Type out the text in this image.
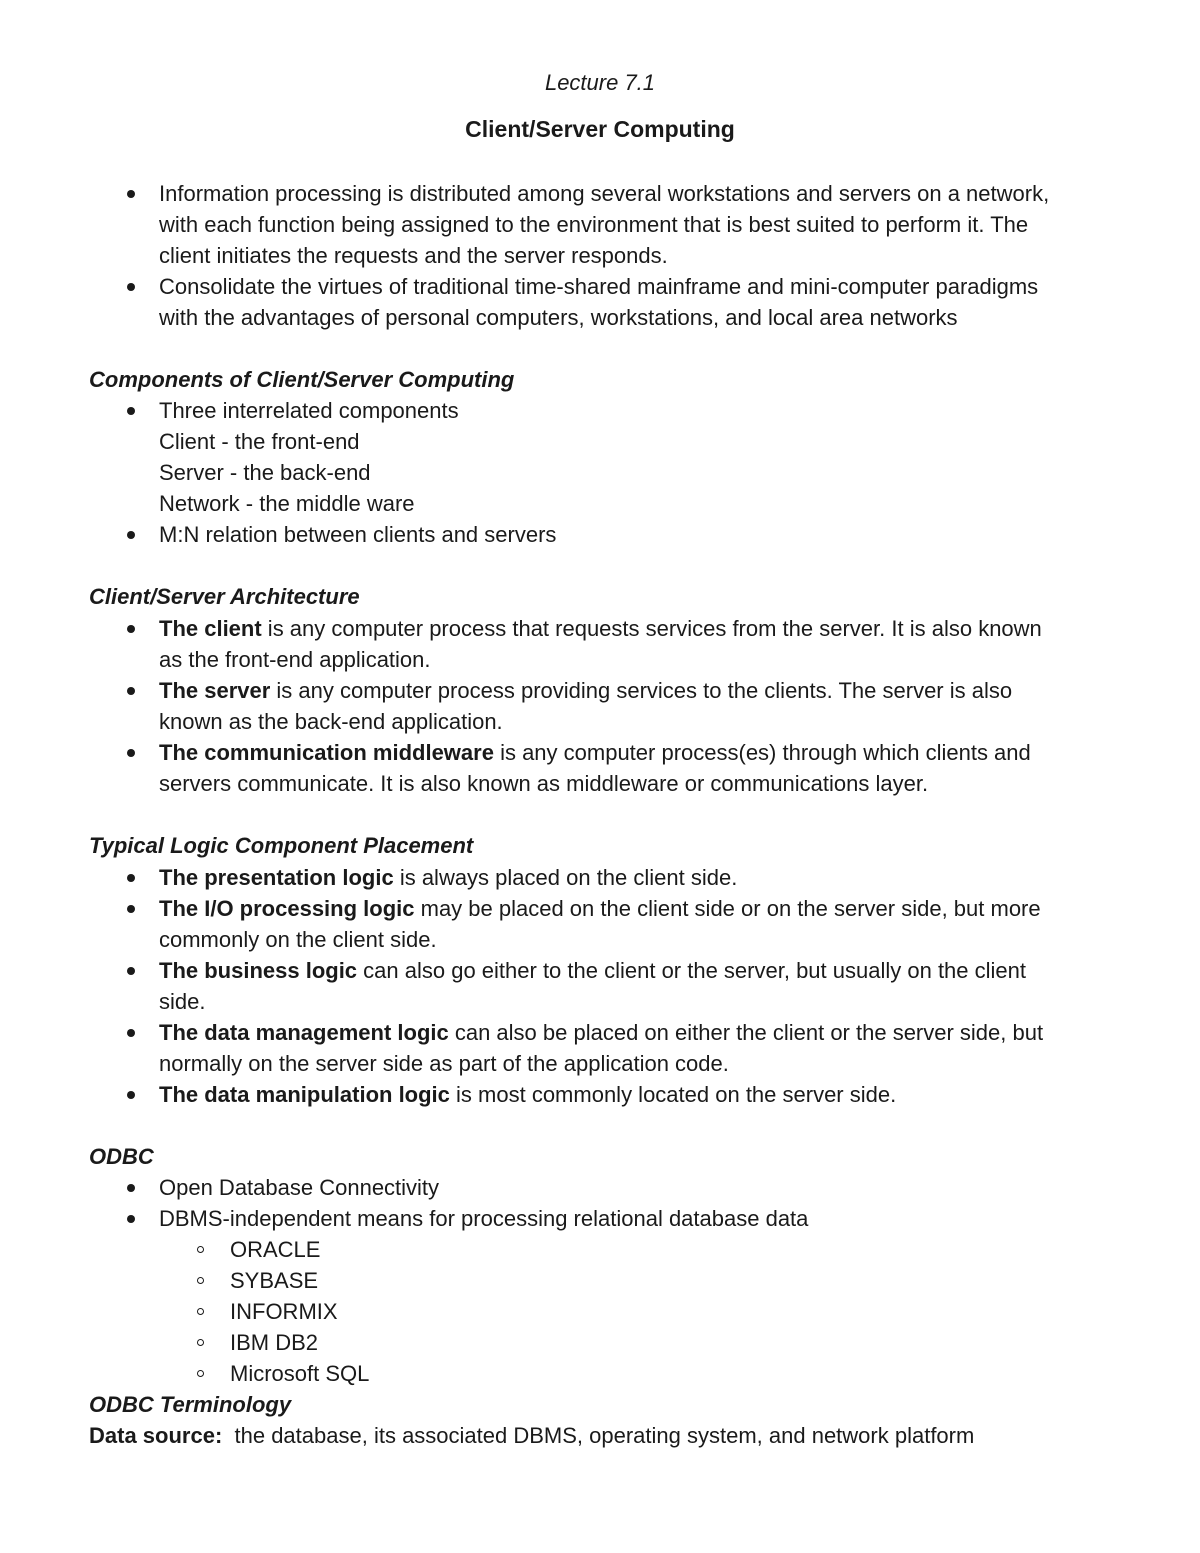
Lecture 7.1
Client/Server Computing
Information processing is distributed among several workstations and servers on a network,
with each function being assigned to the environment that is best suited to perform it. The
client initiates the requests and the server responds.
Consolidate the virtues of traditional time-shared mainframe and mini-computer paradigms
with the advantages of personal computers, workstations, and local area networks
Components of Client/Server Computing
Three interrelated components
Client - the front-end
Server - the back-end
Network - the middle ware
M:N relation between clients and servers
Client/Server Architecture
The client is any computer process that requests services from the server. It is also known
as the front-end application.
The server is any computer process providing services to the clients. The server is also
known as the back-end application.
The communication middleware is any computer process(es) through which clients and
servers communicate. It is also known as middleware or communications layer.
Typical Logic Component Placement
The presentation logic is always placed on the client side.
The I/O processing logic may be placed on the client side or on the server side, but more
commonly on the client side.
The business logic can also go either to the client or the server, but usually on the client
side.
The data management logic can also be placed on either the client or the server side, but
normally on the server side as part of the application code.
The data manipulation logic is most commonly located on the server side.
ODBC
Open Database Connectivity
DBMS-independent means for processing relational database data
ORACLE
SYBASE
INFORMIX
IBM DB2
Microsoft SQL
ODBC Terminology
Data source:  the database, its associated DBMS, operating system, and network platform
